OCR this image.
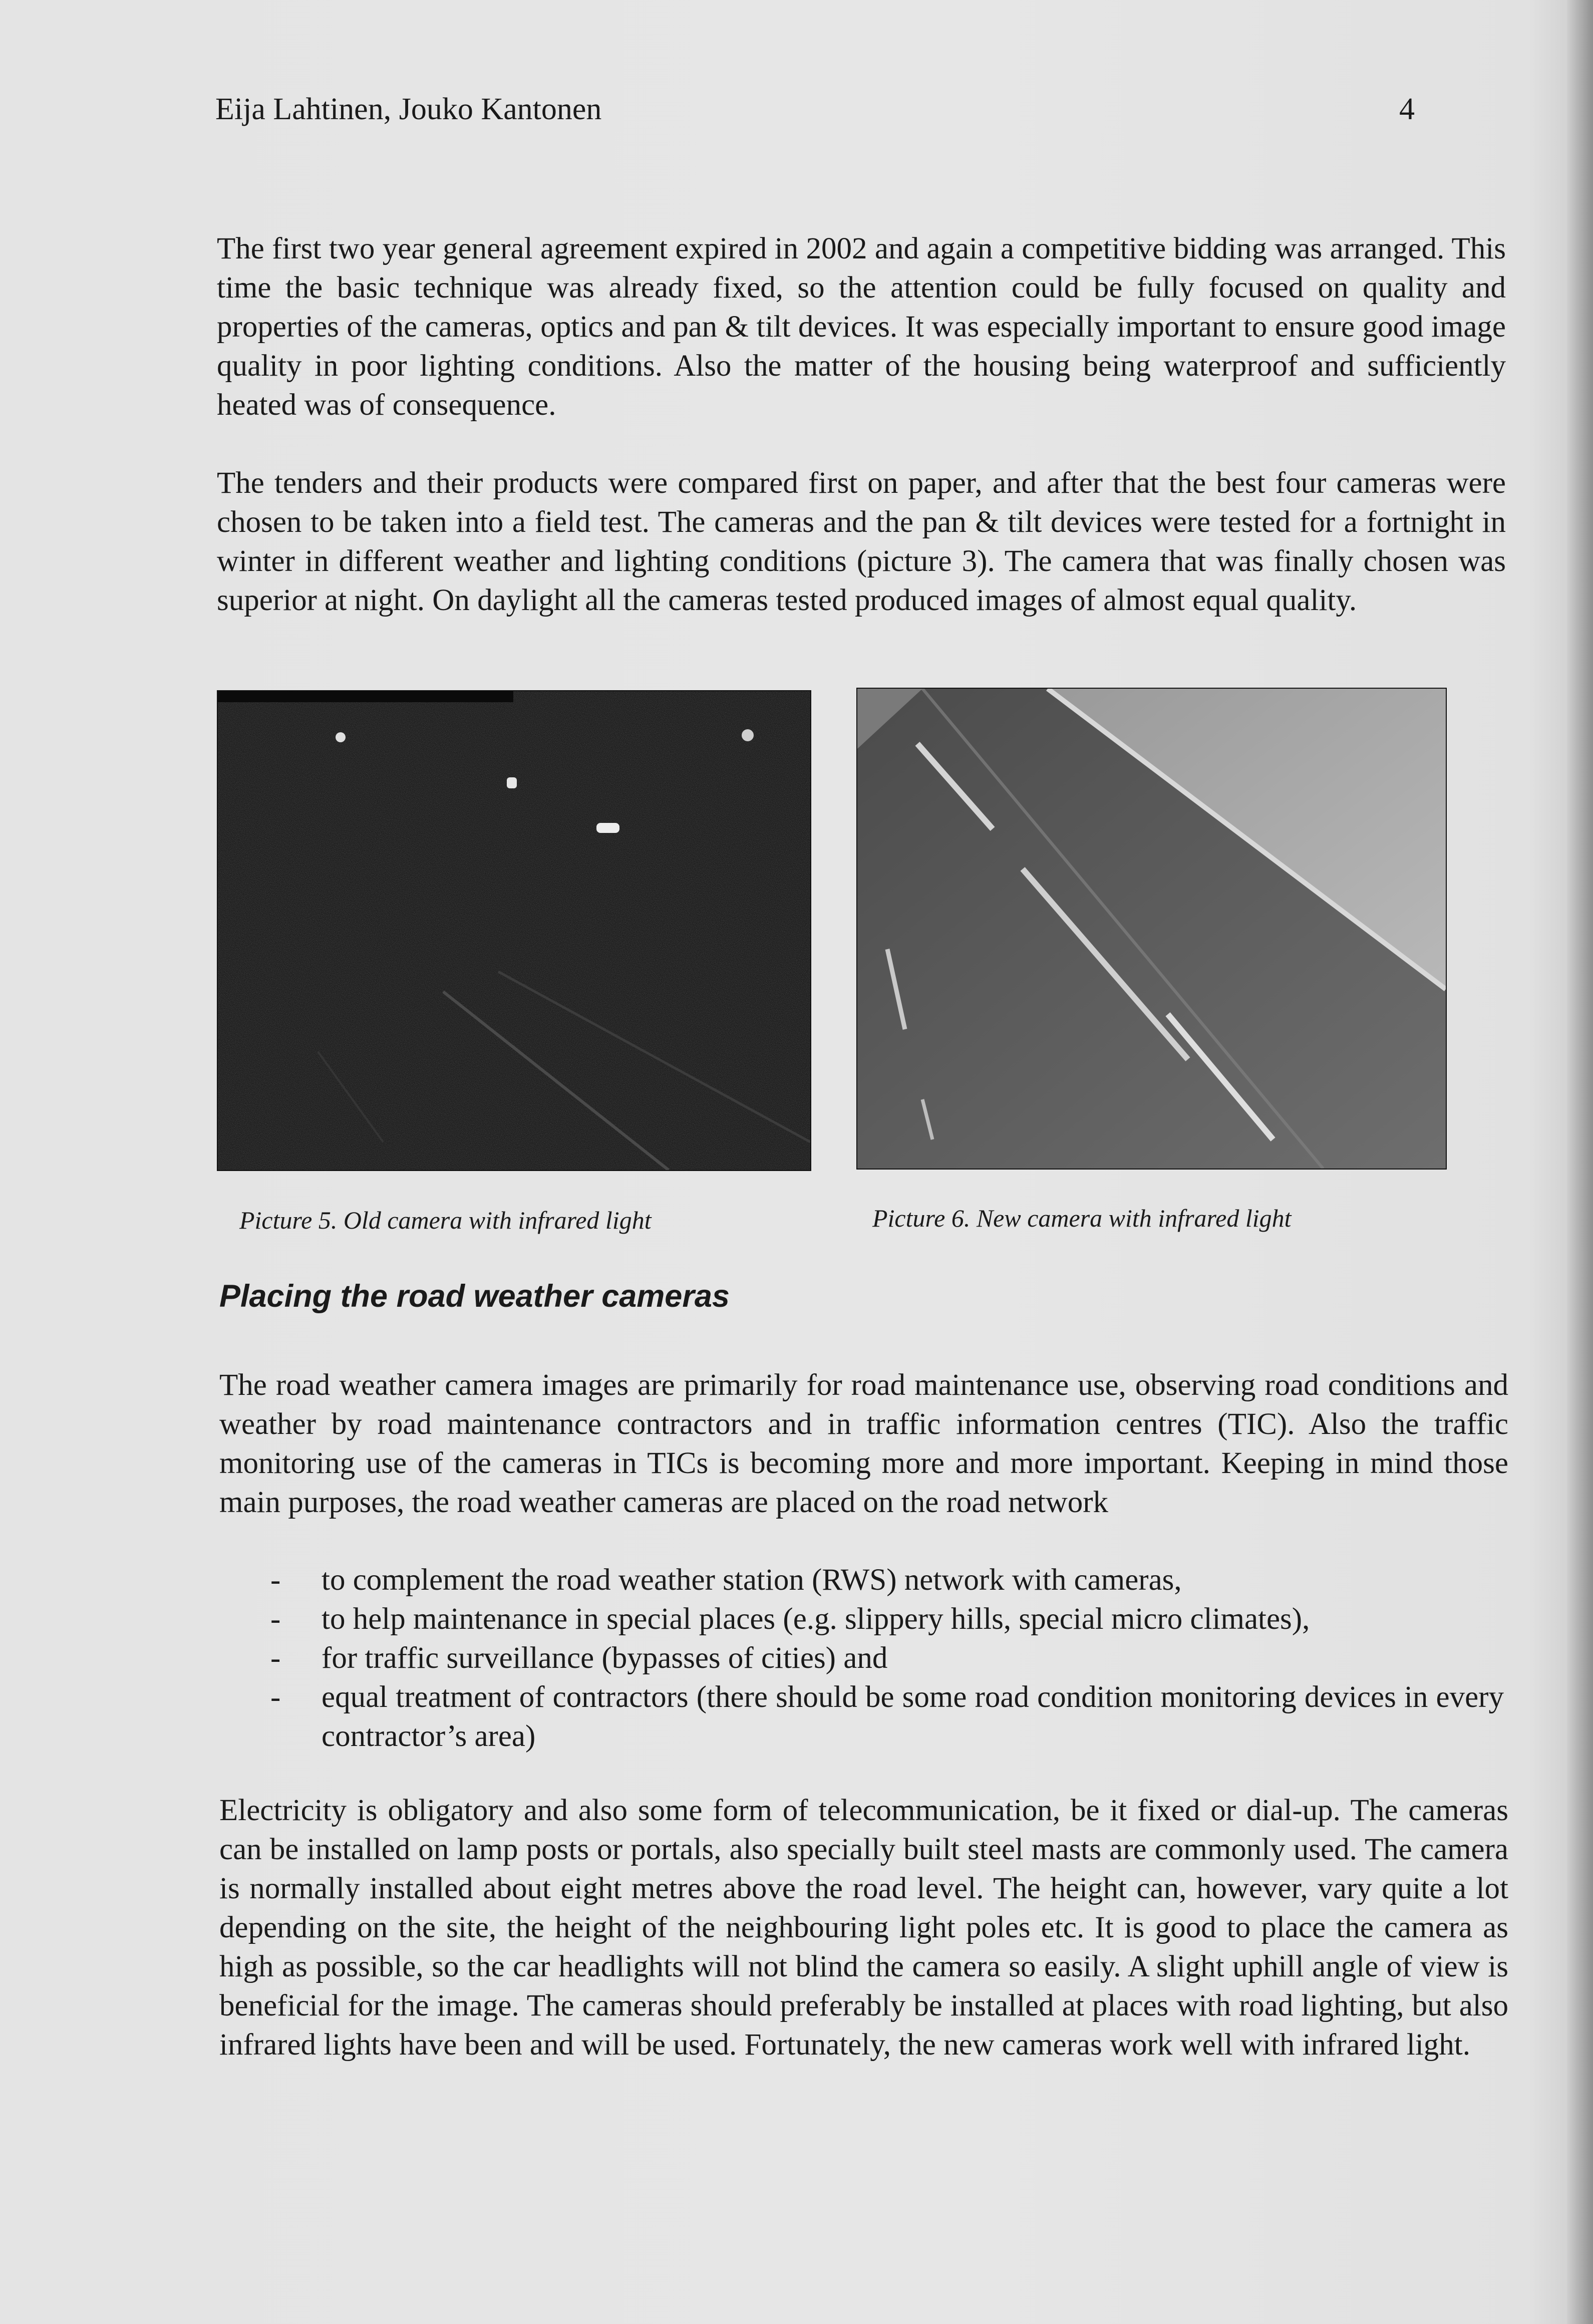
Eija Lahtinen, Jouko Kantonen	4

The first two year general agreement expired in 2002 and again a competitive bidding was arranged. This time the basic technique was already fixed, so the attention could be fully focused on quality and properties of the cameras, optics and pan & tilt devices. It was especially important to ensure good image quality in poor lighting conditions. Also the matter of the housing being waterproof and sufficiently heated was of consequence.

The tenders and their products were compared first on paper, and after that the best four cameras were chosen to be taken into a field test. The cameras and the pan & tilt devices were tested for a fortnight in winter in different weather and lighting conditions (picture 3). The camera that was finally chosen was superior at night. On daylight all the cameras tested produced images of almost equal quality.

Picture 5. Old camera with infrared light	Picture 6. New camera with infrared light
Placing the road weather cameras

The road weather camera images are primarily for road maintenance use, observing road conditions and weather by road maintenance contractors and in traffic information centres (TIC). Also the traffic monitoring use of the cameras in TICs is becoming more and more important. Keeping in mind those main purposes, the road weather cameras are placed on the road network

- to complement the road weather station (RWS) network with cameras,
- to help maintenance in special places (e.g. slippery hills, special micro climates),
- for traffic surveillance (bypasses of cities) and
- equal treatment of contractors (there should be some road condition monitoring devices in every contractor’s area)

Electricity is obligatory and also some form of telecommunication, be it fixed or dial-up. The cameras can be installed on lamp posts or portals, also specially built steel masts are commonly used. The camera is normally installed about eight metres above the road level. The height can, however, vary quite a lot depending on the site, the height of the neighbouring light poles etc. It is good to place the camera as high as possible, so the car headlights will not blind the camera so easily. A slight uphill angle of view is beneficial for the image. The cameras should preferably be installed at places with road lighting, but also infrared lights have been and will be used. Fortunately, the new cameras work well with infrared light.
